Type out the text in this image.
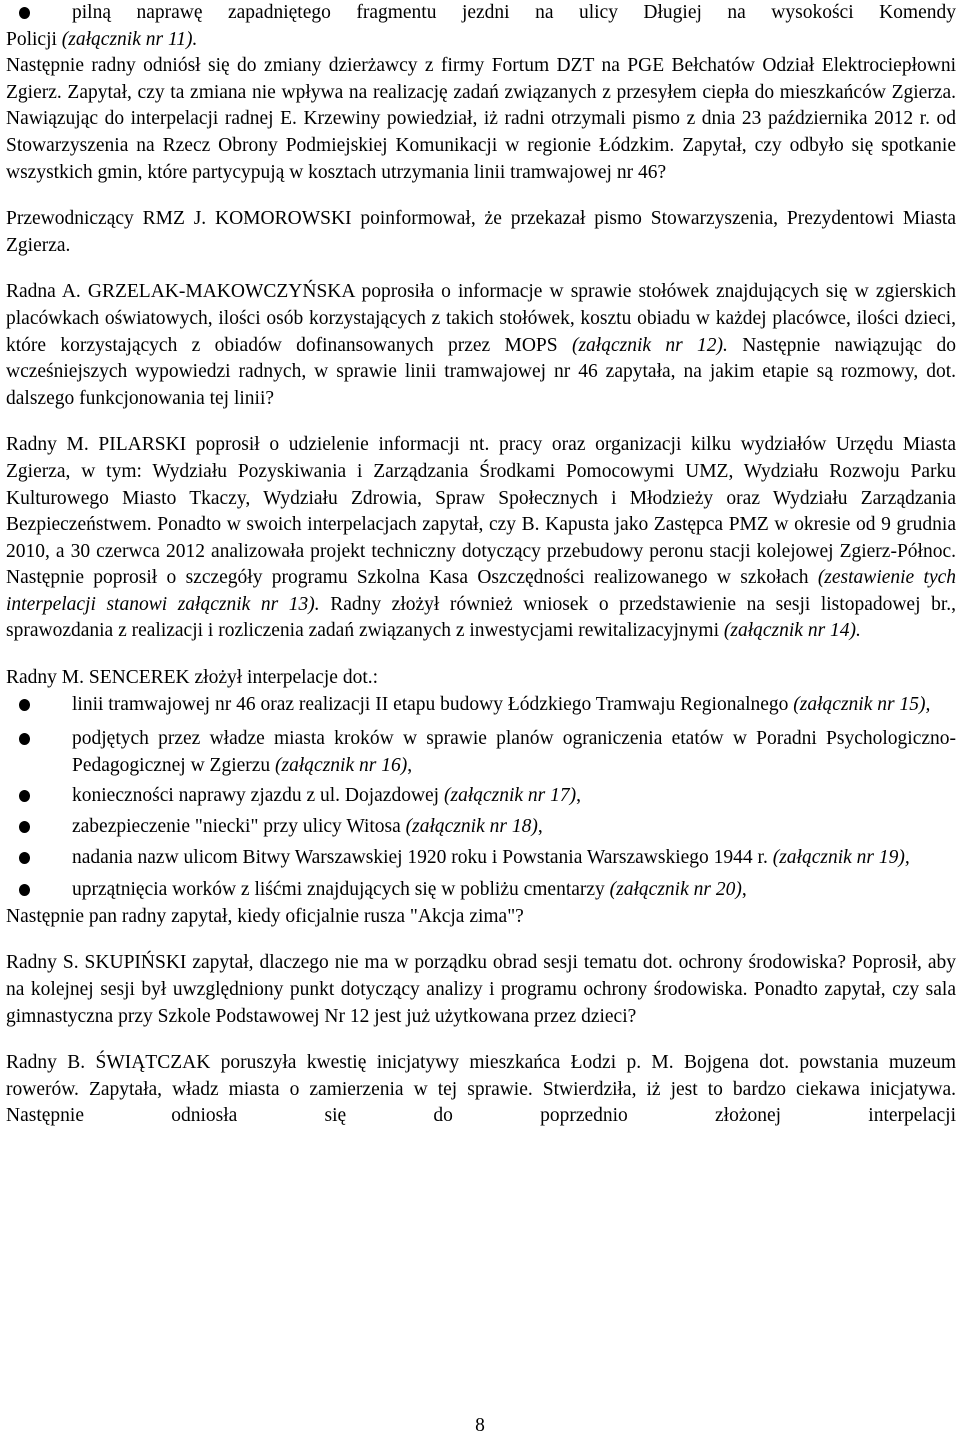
pilną naprawę zapadniętego fragmentu jezdni na ulicy Długiej na wysokości Komendy

Policji (załącznik nr 11).

Następnie radny odniósł się do zmiany dzierżawcy z firmy Fortum DZT na PGE Bełchatów Odział Elektrociepłowni Zgierz. Zapytał, czy ta zmiana nie wpływa na realizację zadań związanych z przesyłem ciepła do mieszkańców Zgierza. Nawiązując do interpelacji radnej E. Krzewiny powiedział, iż radni otrzymali pismo z dnia 23 października 2012 r. od Stowarzyszenia na Rzecz Obrony Podmiejskiej Komunikacji w regionie Łódzkim. Zapytał, czy odbyło się spotkanie wszystkich gmin, które partycypują w kosztach utrzymania linii tramwajowej nr 46?

Przewodniczący RMZ J. KOMOROWSKI poinformował, że przekazał pismo Stowarzyszenia, Prezydentowi Miasta Zgierza.

Radna A. GRZELAK-MAKOWCZYŃSKA poprosiła o informacje w sprawie stołówek znajdujących się w zgierskich placówkach oświatowych, ilości osób korzystających z takich stołówek, kosztu obiadu w każdej placówce, ilości dzieci, które korzystających z obiadów dofinansowanych przez MOPS (załącznik nr 12). Następnie nawiązując do wcześniejszych wypowiedzi radnych, w sprawie linii tramwajowej nr 46 zapytała, na jakim etapie są rozmowy, dot. dalszego funkcjonowania tej linii?

Radny M. PILARSKI poprosił o udzielenie informacji nt. pracy oraz organizacji kilku wydziałów Urzędu Miasta Zgierza, w tym: Wydziału Pozyskiwania i Zarządzania Środkami Pomocowymi UMZ, Wydziału Rozwoju Parku Kulturowego Miasto Tkaczy, Wydziału Zdrowia, Spraw Społecznych i Młodzieży oraz Wydziału Zarządzania Bezpieczeństwem. Ponadto w swoich interpelacjach zapytał, czy B. Kapusta jako Zastępca PMZ w okresie od 9 grudnia 2010, a 30 czerwca 2012 analizowała projekt techniczny dotyczący przebudowy peronu stacji kolejowej Zgierz-Północ. Następnie poprosił o szczegóły programu Szkolna Kasa Oszczędności realizowanego w szkołach (zestawienie tych interpelacji stanowi załącznik nr 13). Radny złożył również wniosek o przedstawienie na sesji listopadowej br., sprawozdania z realizacji i rozliczenia zadań związanych z inwestycjami rewitalizacyjnymi (załącznik nr 14).

Radny M. SENCEREK złożył interpelacje dot.:

linii tramwajowej nr 46 oraz realizacji II etapu budowy Łódzkiego Tramwaju Regionalnego (załącznik nr 15),

podjętych przez władze miasta kroków w sprawie planów ograniczenia etatów w Poradni Psychologiczno-Pedagogicznej w Zgierzu (załącznik nr 16),

konieczności naprawy zjazdu z ul. Dojazdowej (załącznik nr 17),

zabezpieczenie "niecki" przy ulicy Witosa (załącznik nr 18),

nadania nazw ulicom Bitwy Warszawskiej 1920 roku i Powstania Warszawskiego 1944 r. (załącznik nr 19),

uprzątnięcia worków z liśćmi znajdujących się w pobliżu cmentarzy (załącznik nr 20),

Następnie pan radny zapytał, kiedy oficjalnie rusza "Akcja zima"?

Radny S. SKUPIŃSKI zapytał, dlaczego nie ma w porządku obrad sesji tematu dot. ochrony środowiska? Poprosił, aby na kolejnej sesji był uwzględniony punkt dotyczący analizy i programu ochrony środowiska. Ponadto zapytał, czy sala gimnastyczna przy Szkole Podstawowej Nr 12 jest już użytkowana przez dzieci?

Radny B. ŚWIĄTCZAK poruszyła kwestię inicjatywy mieszkańca Łodzi p. M. Bojgena dot. powstania muzeum rowerów. Zapytała, władz miasta o zamierzenia w tej sprawie. Stwierdziła, iż jest to bardzo ciekawa inicjatywa. Następnie odniosła się do poprzednio złożonej interpelacji

8
